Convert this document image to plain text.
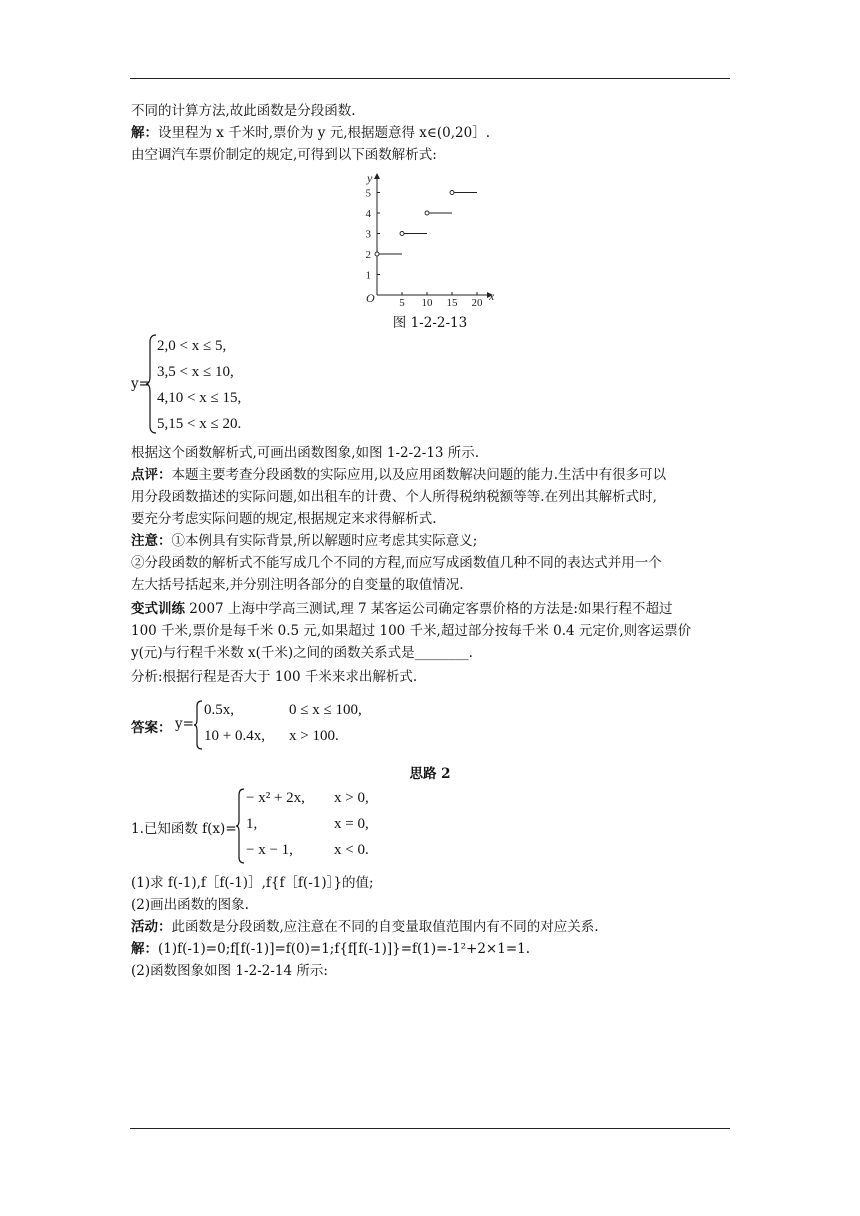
不同的计算方法,故此函数是分段函数.
解：设里程为 x 千米时,票价为 y 元,根据题意得 x∈(0,20］.
由空调汽车票价制定的规定,可得到以下函数解析式:
5 10 15 20
1
2
3
4
5
O	x
y
图 1-2-2-13
y=
2,0 < x ≤ 5,
3,5 < x ≤ 10,
4,10 < x ≤ 15,
5,15 < x ≤ 20.
根据这个函数解析式,可画出函数图象,如图 1-2-2-13 所示.
点评：本题主要考查分段函数的实际应用,以及应用函数解决问题的能力.生活中有很多可以
用分段函数描述的实际问题,如出租车的计费、个人所得税纳税额等等.在列出其解析式时,
要充分考虑实际问题的规定,根据规定来求得解析式.
注意：①本例具有实际背景,所以解题时应考虑其实际意义;
②分段函数的解析式不能写成几个不同的方程,而应写成函数值几种不同的表达式并用一个
左大括号括起来,并分别注明各部分的自变量的取值情况.
变式训练 2007 上海中学高三测试,理 7 某客运公司确定客票价格的方法是:如果行程不超过
100 千米,票价是每千米 0.5 元,如果超过 100 千米,超过部分按每千米 0.4 元定价,则客运票价
y(元)与行程千米数 x(千米)之间的函数关系式是________.
分析:根据行程是否大于 100 千米来求出解析式.
答案： y=
0.5x,	0 ≤ x ≤ 100,
10 + 0.4x, x > 100.
思路 2
1.已知函数 f(x)=
− x² + 2x, x > 0,
1,	x = 0,
− x − 1,	x < 0.
(1)求 f(-1),f［f(-1)］,f{f［f(-1)］}的值;
(2)画出函数的图象.
活动：此函数是分段函数,应注意在不同的自变量取值范围内有不同的对应关系.
解：(1)f(-1)=0;f[f(-1)]=f(0)=1;f{f[f(-1)]}=f(1)=-1²+2×1=1.
(2)函数图象如图 1-2-2-14 所示:
